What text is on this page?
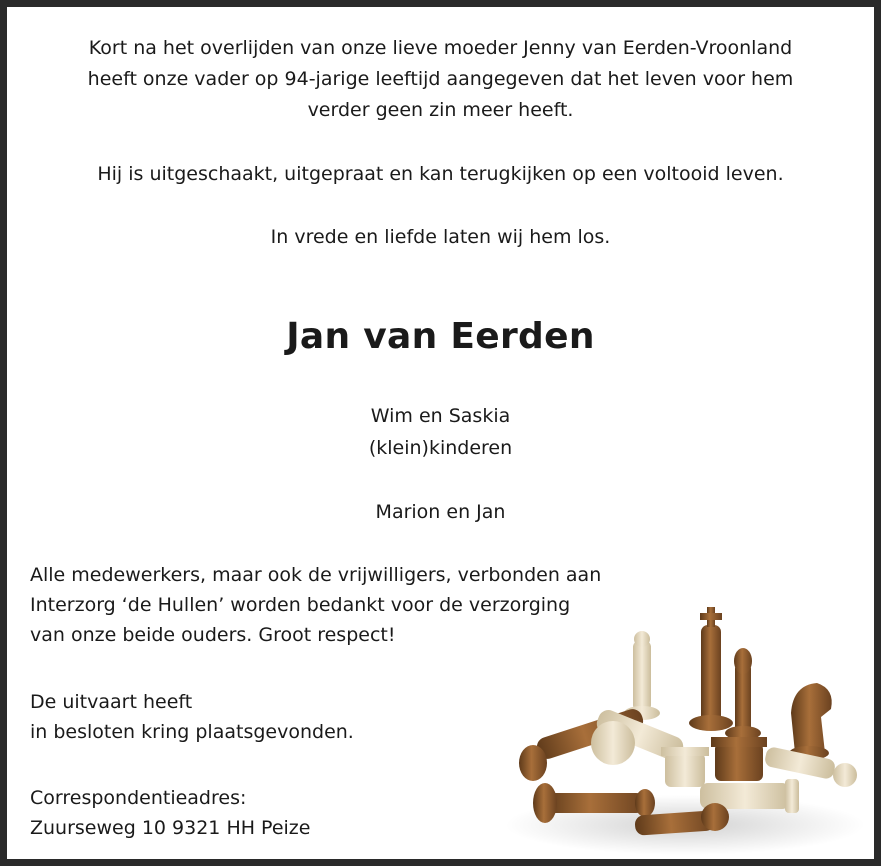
Kort na het overlijden van onze lieve moeder Jenny van Eerden-Vroonland
heeft onze vader op 94-jarige leeftijd aangegeven dat het leven voor hem
verder geen zin meer heeft.
Hij is uitgeschaakt, uitgepraat en kan terugkijken op een voltooid leven.
In vrede en liefde laten wij hem los.
Jan van Eerden
Wim en Saskia
(klein)kinderen
Marion en Jan
Alle medewerkers, maar ook de vrijwilligers, verbonden aan
Interzorg ‘de Hullen’ worden bedankt voor de verzorging
van onze beide ouders. Groot respect!
De uitvaart heeft
in besloten kring plaatsgevonden.
Correspondentieadres:
Zuurseweg 10 9321 HH Peize
